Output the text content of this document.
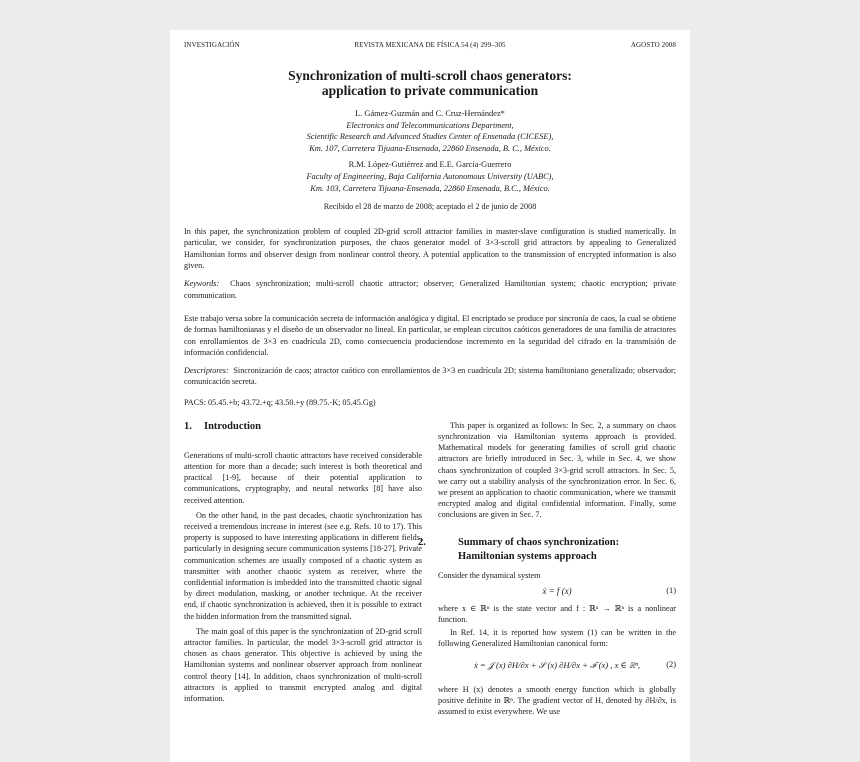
INVESTIGACIÓN	REVISTA MEXICANA DE FÍSICA 54 (4) 299–305	AGOSTO 2008
Synchronization of multi-scroll chaos generators:
application to private communication
L. Gámez-Guzmán and C. Cruz-Hernández*
Electronics and Telecommunications Department,
Scientific Research and Advanced Studies Center of Ensenada (CICESE),
Km. 107, Carretera Tijuana-Ensenada, 22860 Ensenada, B. C., México.
R.M. López-Gutiérrez and E.E. García-Guerrero
Faculty of Engineering, Baja California Autonomous University (UABC),
Km. 103, Carretera Tijuana-Ensenada, 22860 Ensenada, B.C., México.
Recibido el 28 de marzo de 2008; aceptado el 2 de junio de 2008
In this paper, the synchronization problem of coupled 2D-grid scroll attractor families in master-slave configuration is studied numerically. In particular, we consider, for synchronization purposes, the chaos generator model of 3×3-scroll grid attractors by appealing to Generalized Hamiltonian forms and observer design from nonlinear control theory. A potential application to the transmission of encrypted information is also given.
Keywords: Chaos synchronization; multi-scroll chaotic attractor; observer; Generalized Hamiltonian system; chaotic encryption; private communication.
Este trabajo versa sobre la comunicación secreta de información analógica y digital. El encriptado se produce por sincronía de caos, la cual se obtiene de formas hamiltonianas y el diseño de un observador no lineal. En particular, se emplean circuitos caóticos generadores de una familia de atractores con enrollamientos de 3×3 en cuadrícula 2D, como consecuencia produciendose incremento en la seguridad del cifrado en la transmisión de información confidencial.
Descriptores: Sincronización de caos; atractor caótico con enrollamientos de 3×3 en cuadrícula 2D; sistema hamiltoniano generalizado; observador; comunicación secreta.
PACS: 05.45.+b; 43.72.+q; 43.50.+y (89.75.-K; 05.45.Gg)
1. Introduction
Generations of multi-scroll chaotic attractors have received considerable attention for more than a decade; such interest is both theoretical and practical [1-9], because of their potential application to communications, cryptography, and neural networks [8] have also received attention.
On the other hand, in the past decades, chaotic synchronization has received a tremendous increase in interest (see e.g. Refs. 10 to 17). This property is supposed to have interesting applications in different fields, particularly in designing secure communication systems [18-27]. Private communication schemes are usually composed of a chaotic system as transmitter with another chaotic system as receiver, where the confidential information is imbedded into the transmitted chaotic signal by direct modulation, masking, or another technique. At the receiver end, if chaotic synchronization is achieved, then it is possible to extract the hidden information from the transmitted signal.
The main goal of this paper is the synchronization of 2D-grid scroll attractor families. In particular, the model 3×3-scroll grid attractor is chosen as chaos generator. This objective is achieved by using the Hamiltonian systems and nonlinear observer approach from nonlinear control theory [14]. In addition, chaos synchronization of multi-scroll attractors is applied to transmit encrypted analog and digital information.
This paper is organized as follows: In Sec. 2, a summary on chaos synchronization via Hamiltonian systems approach is provided. Mathematical models for generating families of scroll grid chaotic attractors are briefly introduced in Sec. 3, while in Sec. 4, we show chaos synchronization of coupled 3×3-grid scroll attractors. In Sec. 5, we carry out a stability analysis of the synchronization error. In Sec. 6, we present an application to chaotic communication, where we transmit encrypted analog and digital confidential information. Finally, some conclusions are given in Sec. 7.
2.	Summary of chaos synchronization: Hamiltonian systems approach
Consider the dynamical system
ẋ = f (x)	(1)
where x ∈ ℝⁿ is the state vector and f : ℝⁿ → ℝⁿ is a nonlinear function.
In Ref. 14, it is reported how system (1) can be written in the following Generalized Hamiltonian canonical form:
ẋ = 𝒥 (x) ∂H/∂x + 𝒮 (x) ∂H/∂x + ℱ (x) , x ∈ ℝⁿ,	(2)
where H (x) denotes a smooth energy function which is globally positive definite in ℝⁿ. The gradient vector of H, denoted by ∂H/∂x, is assumed to exist everywhere. We use
